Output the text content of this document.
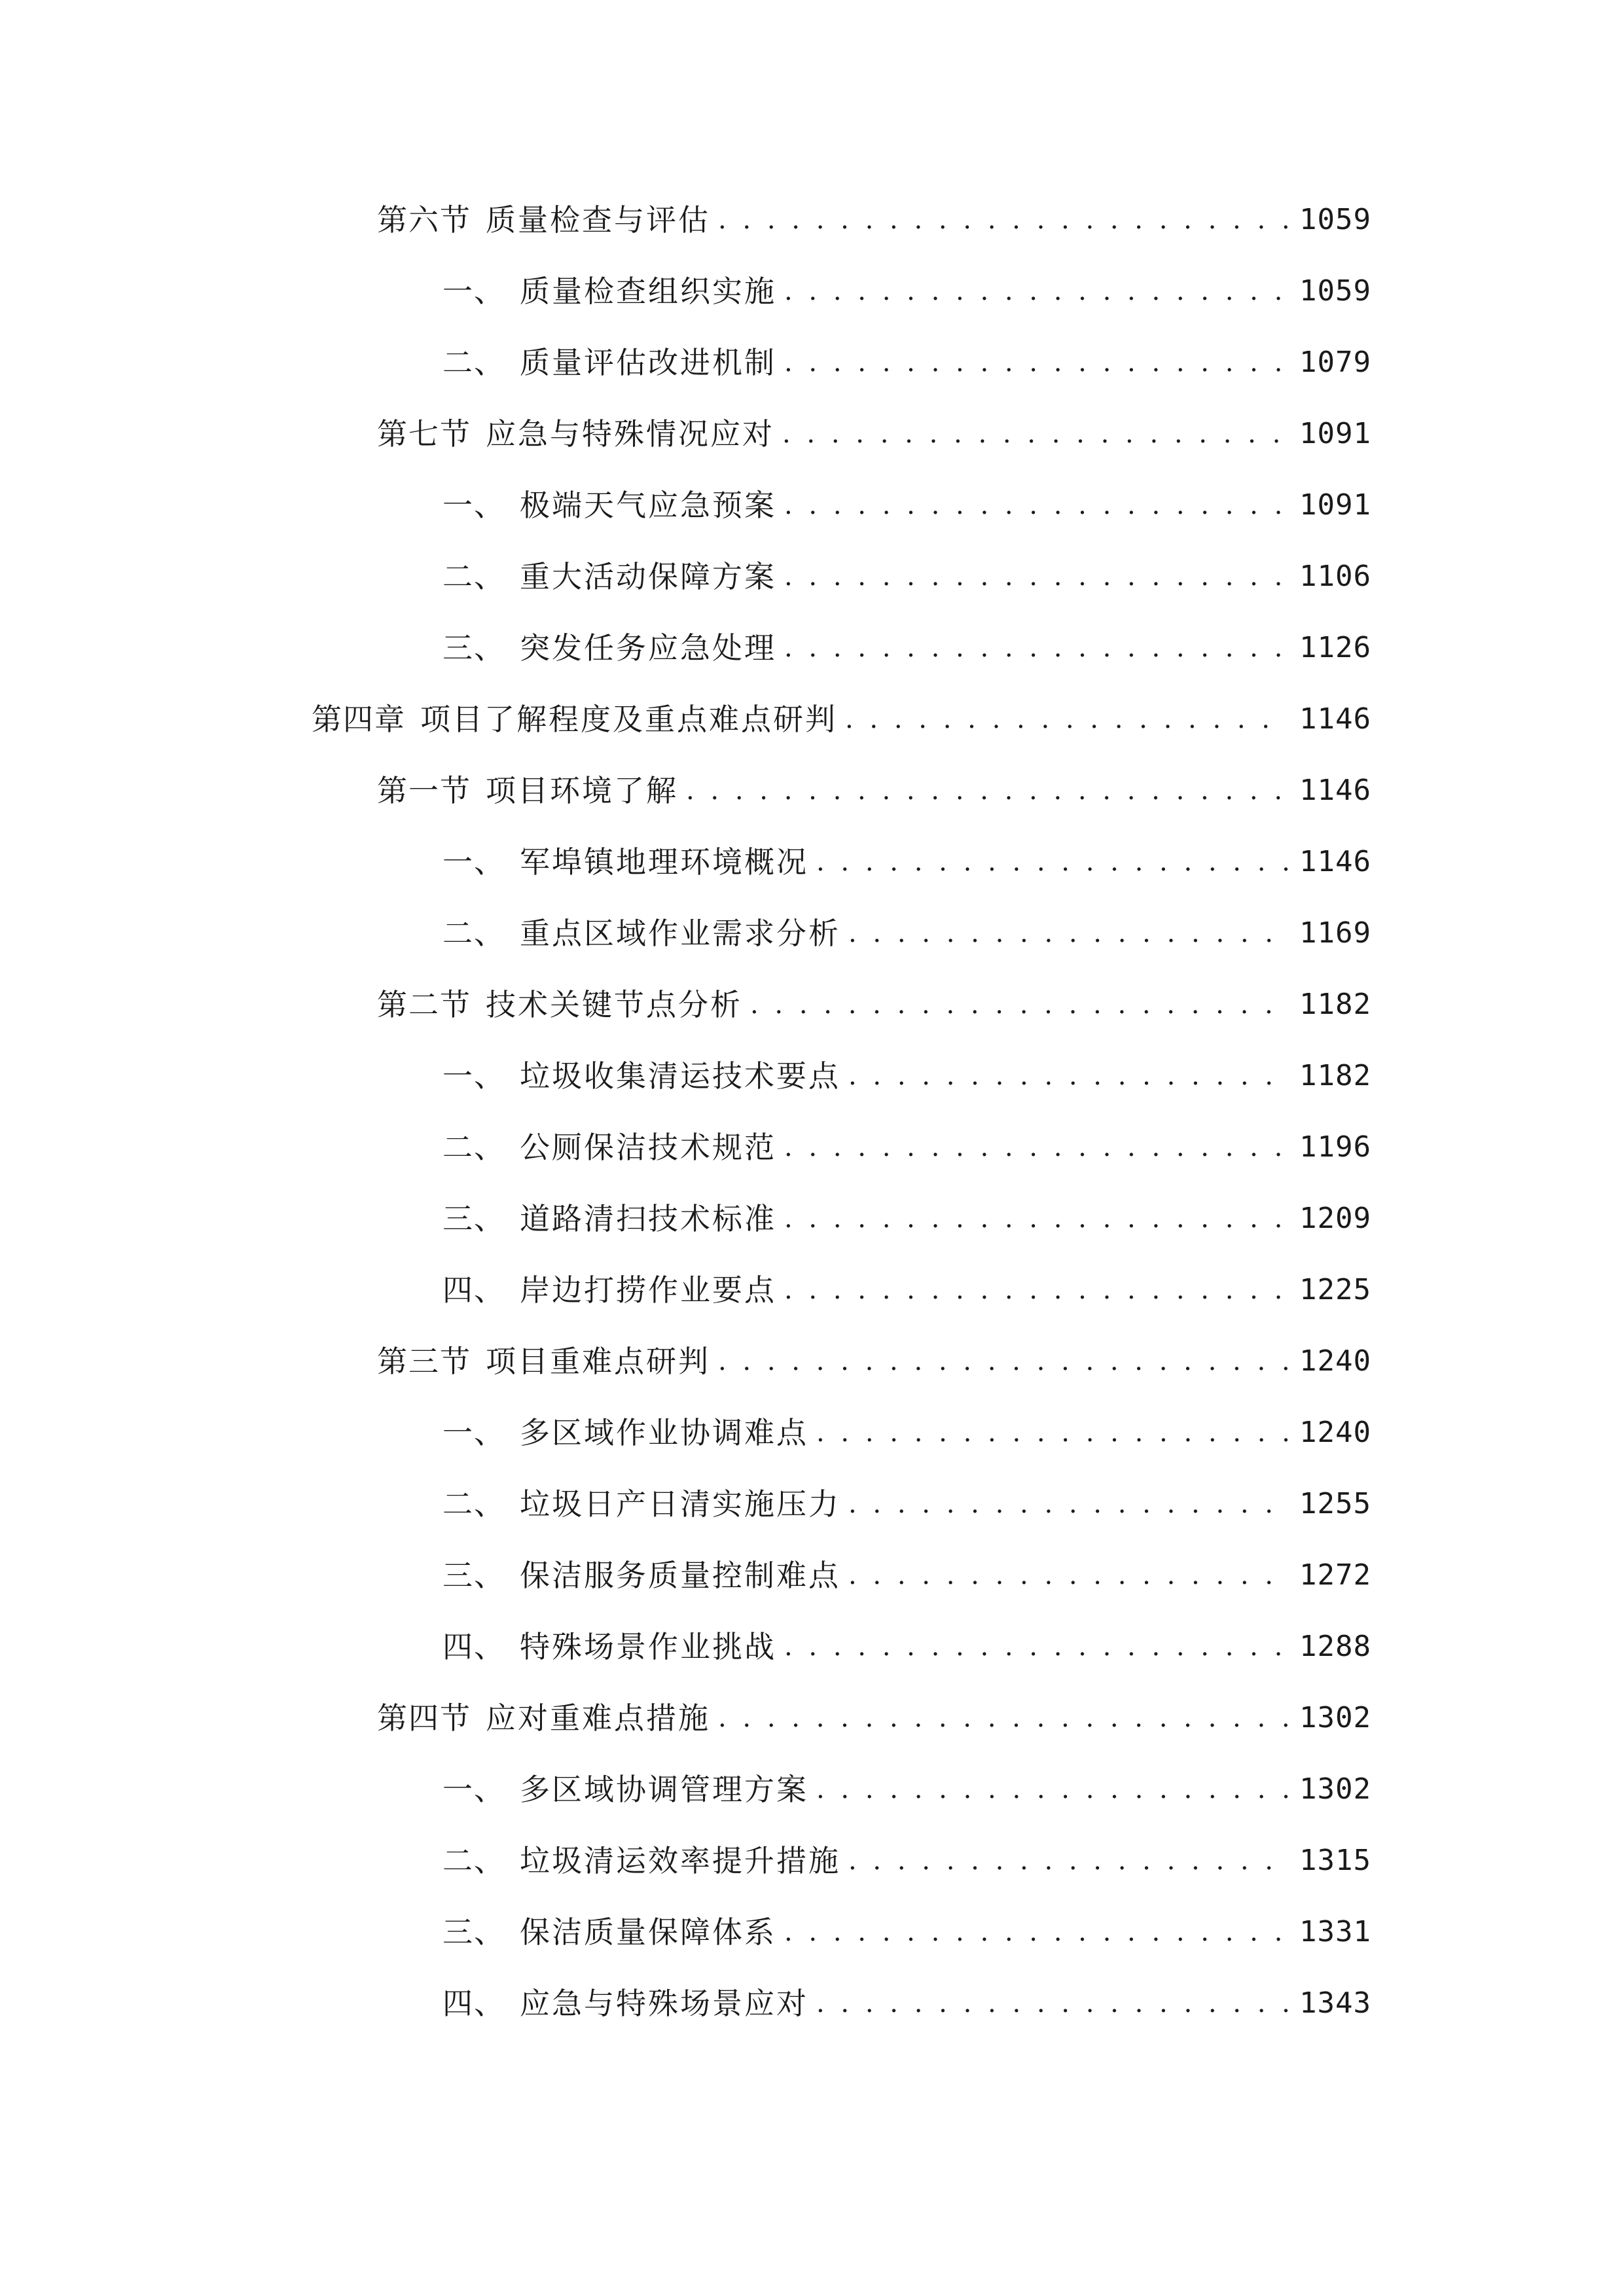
第六节 质量检查与评估 . . .	1059
一、 质量检查组织实施 . . .	1059
二、 质量评估改进机制 . . .	1079
第七节 应急与特殊情况应对 . . .	1091
一、 极端天气应急预案 . . .	1091
二、 重大活动保障方案 . . .	1106
三、 突发任务应急处理 . . .	1126
第四章 项目了解程度及重点难点研判 . . .	1146
第一节 项目环境了解 . . .	1146
一、 军埠镇地理环境概况 . . .	1146
二、 重点区域作业需求分析 . . .	1169
第二节 技术关键节点分析 . . .	1182
一、 垃圾收集清运技术要点 . . .	1182
二、 公厕保洁技术规范 . . .	1196
三、 道路清扫技术标准 . . .	1209
四、 岸边打捞作业要点 . . .	1225
第三节 项目重难点研判 . . .	1240
一、 多区域作业协调难点 . . .	1240
二、 垃圾日产日清实施压力 . . .	1255
三、 保洁服务质量控制难点 . . .	1272
四、 特殊场景作业挑战 . . .	1288
第四节 应对重难点措施 . . .	1302
一、 多区域协调管理方案 . . .	1302
二、 垃圾清运效率提升措施 . . .	1315
三、 保洁质量保障体系 . . .	1331
四、 应急与特殊场景应对 . . .	1343
